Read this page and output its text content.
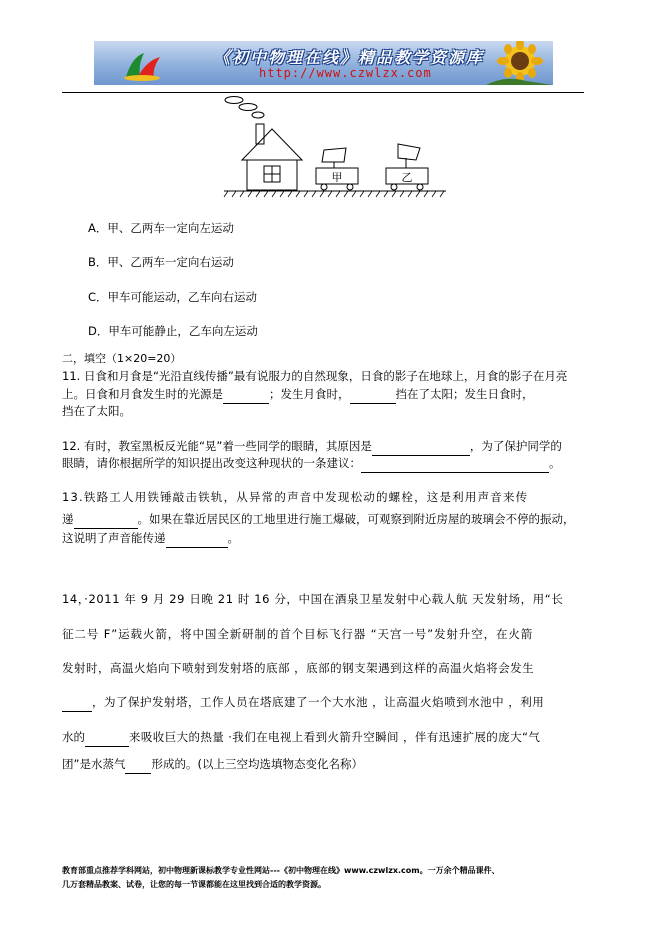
《初中物理在线》精品教学资源库
http://www.czwlzx.com
甲	乙
A．甲、乙两车一定向左运动
B．甲、乙两车一定向右运动
C．甲车可能运动，乙车向右运动
D．甲车可能静止，乙车向左运动
二，填空（1×20=20）
11. 日食和月食是“光沿直线传播”最有说服力的自然现象，日食的影子在地球上，月食的影子在月亮
上。日食和月食发生时的光源是	；发生月食时，	挡在了太阳；发生日食时，
挡在了太阳。
12. 有时，教室黑板反光能“晃”着一些同学的眼睛，其原因是	，为了保护同学的
眼睛，请你根据所学的知识提出改变这种现状的一条建议：	。
13.铁路工人用铁锤敲击铁轨，从异常的声音中发现松动的螺栓，这是利用声音来传
递	。如果在靠近居民区的工地里进行施工爆破，可观察到附近房屋的玻璃会不停的振动，
这说明了声音能传递	。
14，·2011 年 9 月 29 日晚 21 时 16 分，中国在酒泉卫星发射中心载人航 天发射场，用“长
征二号 F”运载火箭，将中国全新研制的首个目标飞行器 “天宫一号”发射升空，在火箭
发射时，高温火焰向下喷射到发射塔的底部 ，底部的钢支架遇到这样的高温火焰将会发生
，为了保护发射塔，工作人员在塔底建了一个大水池 ，让高温火焰喷到水池中 ，利用
水的	来吸收巨大的热量 ·我们在电视上看到火箭升空瞬间 ，伴有迅速扩展的庞大“气
团”是水蒸气 形成的。(以上三空均选填物态变化名称）
教育部重点推荐学科网站，初中物理新课标教学专业性网站---《初中物理在线》www.czwlzx.com。一万余个精品课件、
几万套精品教案、试卷，让您的每一节课都能在这里找到合适的教学资源。
